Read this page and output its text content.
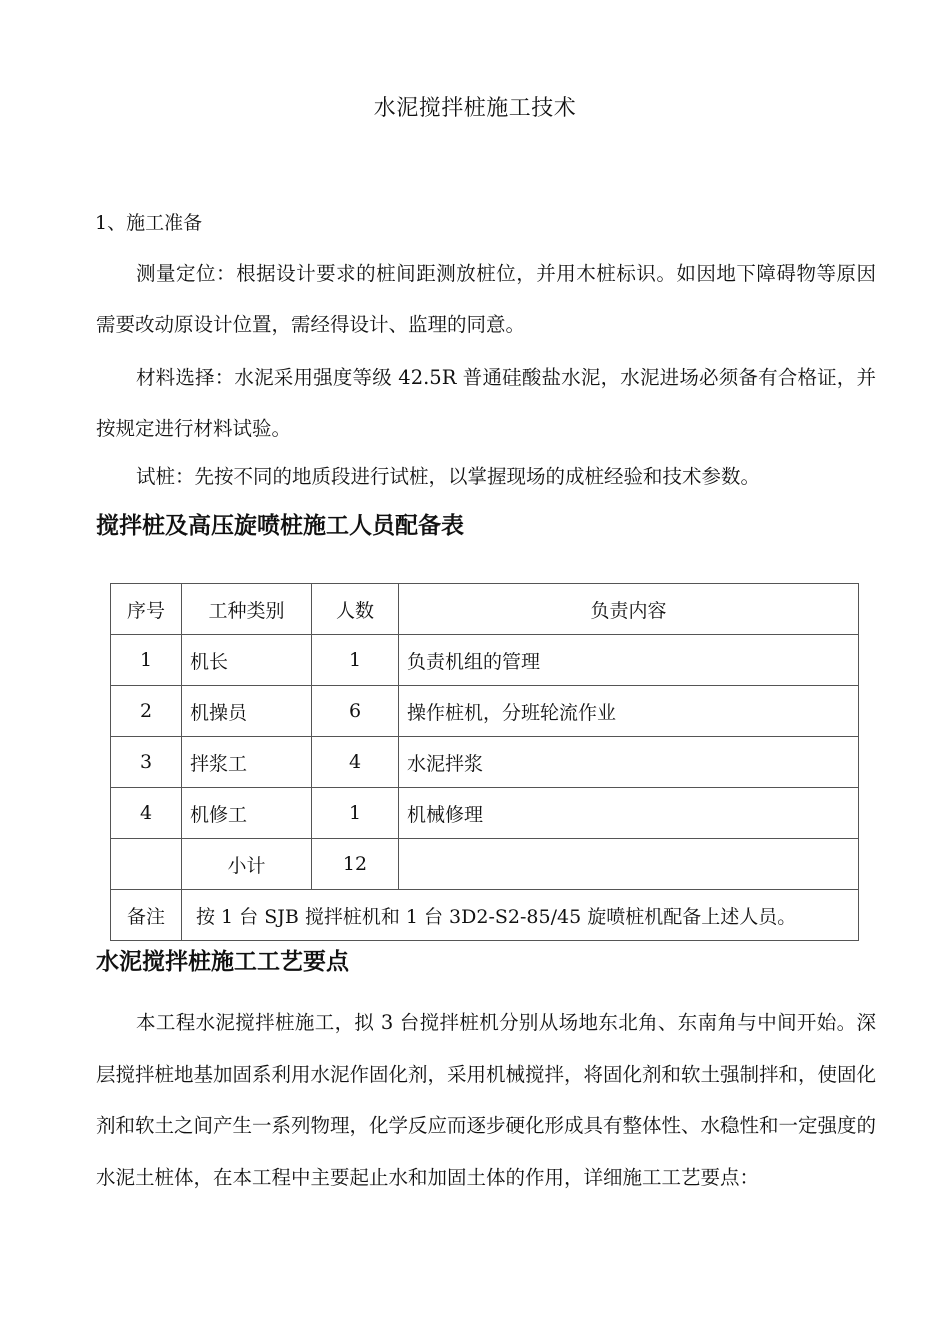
水泥搅拌桩施工技术
1、施工准备

测量定位：根据设计要求的桩间距测放桩位，并用木桩标识。如因地下障碍物等原因需要改动原设计位置，需经得设计、监理的同意。

材料选择：水泥采用强度等级 42.5R 普通硅酸盐水泥，水泥进场必须备有合格证，并按规定进行材料试验。

试桩：先按不同的地质段进行试桩，以掌握现场的成桩经验和技术参数。

搅拌桩及高压旋喷桩施工人员配备表
序号	工种类别	人数	负责内容
1	机长	1	负责机组的管理
2	机操员	6	操作桩机，分班轮流作业
3	拌浆工	4	水泥拌浆
4	机修工	1	机械修理
	小计	12	
备注	按 1 台 SJB 搅拌桩机和 1 台 3D2-S2-85/45 旋喷桩机配备上述人员。		
水泥搅拌桩施工工艺要点

本工程水泥搅拌桩施工，拟 3 台搅拌桩机分别从场地东北角、东南角与中间开始。深层搅拌桩地基加固系利用水泥作固化剂，采用机械搅拌，将固化剂和软土强制拌和，使固化剂和软土之间产生一系列物理，化学反应而逐步硬化形成具有整体性、水稳性和一定强度的水泥土桩体，在本工程中主要起止水和加固土体的作用，详细施工工艺要点：
